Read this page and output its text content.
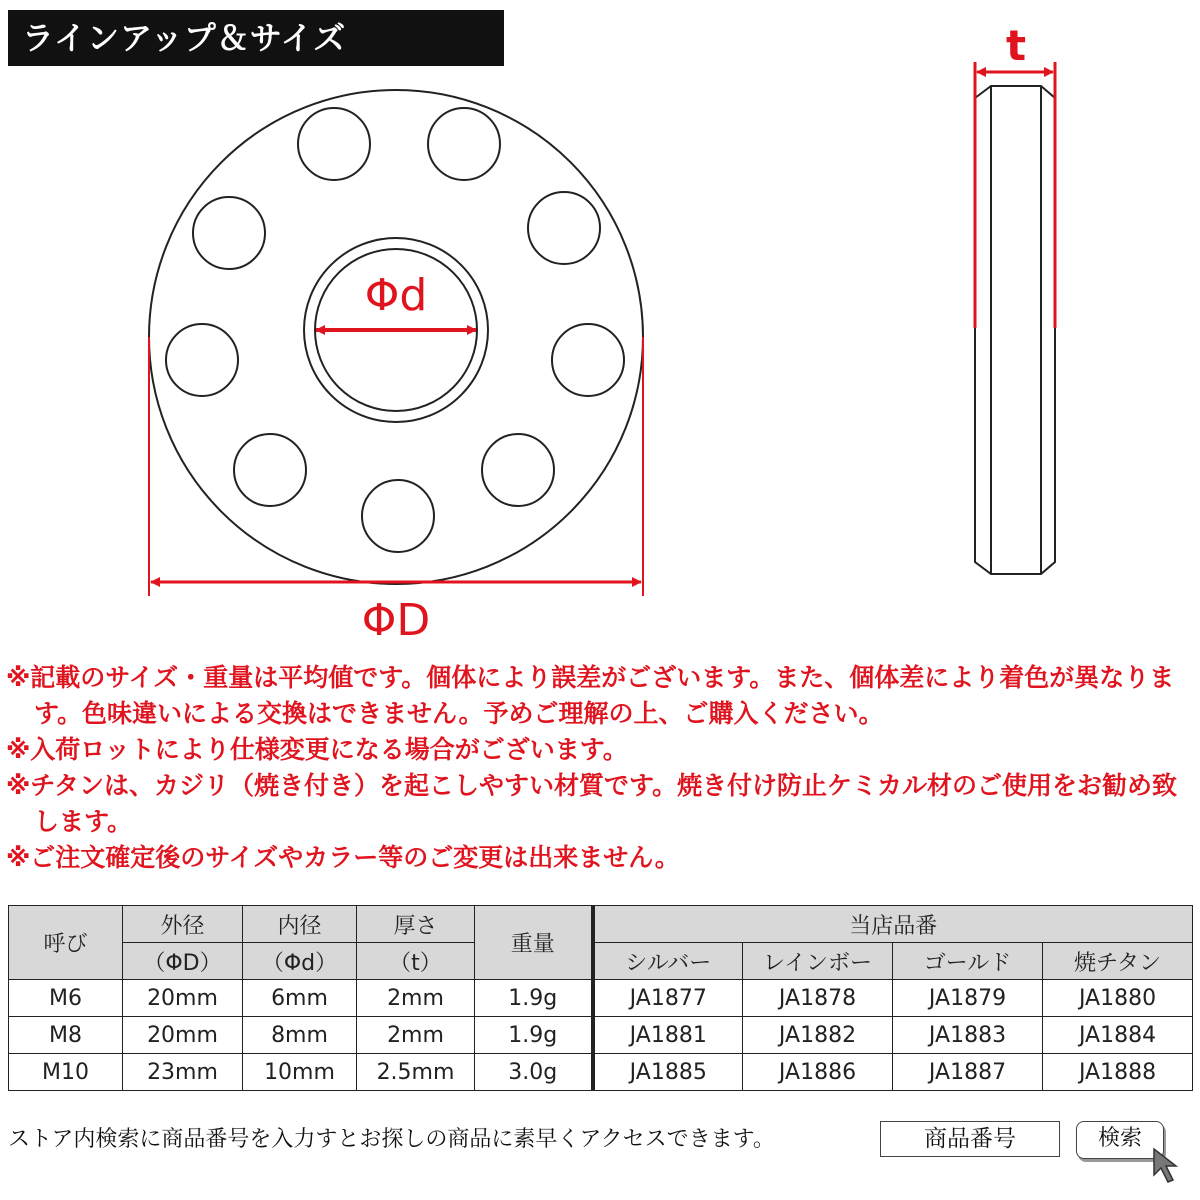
ラインアップ＆サイズ
Φd
ΦD
t
※記載のサイズ・重量は平均値です。個体により誤差がございます。また、個体差により着色が異なります。色味違いによる交換はできません。予めご理解の上、ご購入ください。
※入荷ロットにより仕様変更になる場合がございます。
※チタンは、カジリ（焼き付き）を起こしやすい材質です。焼き付け防止ケミカル材のご使用をお勧め致します。
※ご注文確定後のサイズやカラー等のご変更は出来ません。
呼び	外径	内径	厚さ	重量	当店品番			
	（ΦD）	（Φd）	（t）		シルバー	レインボー	ゴールド	焼チタン
M6	20mm	6mm	2mm	1.9g	JA1877	JA1878	JA1879	JA1880
M8	20mm	8mm	2mm	1.9g	JA1881	JA1882	JA1883	JA1884
M10	23mm	10mm	2.5mm	3.0g	JA1885	JA1886	JA1887	JA1888
ストア内検索に商品番号を入力すとお探しの商品に素早くアクセスできます。	商品番号	検索
